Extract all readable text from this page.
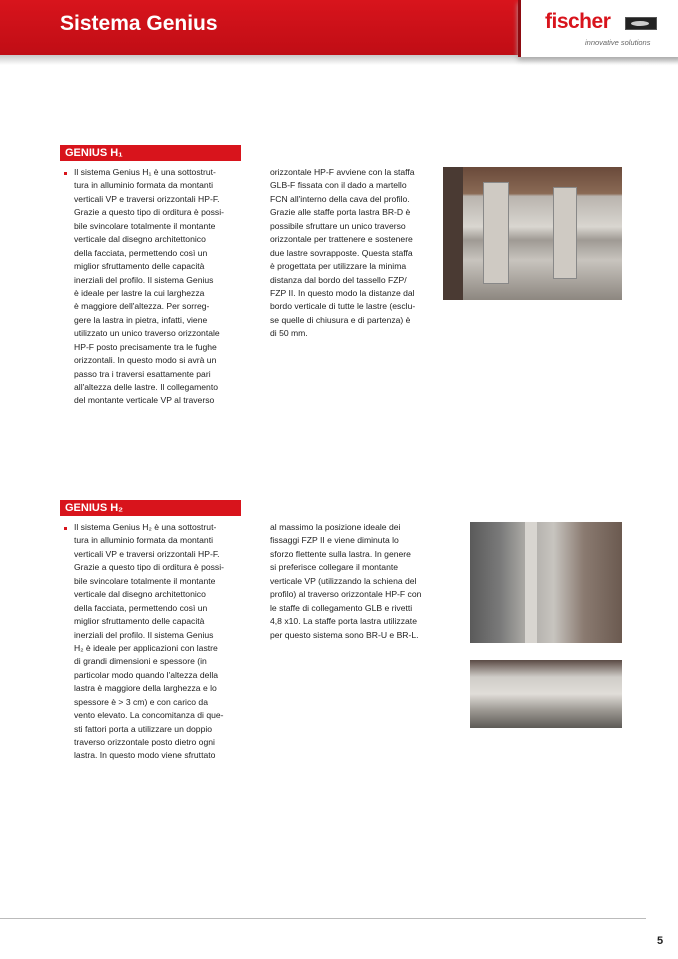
Sistema Genius	fischer
innovative solutions
GENIUS H₁
Il sistema Genius H₁ è una sottostrut-
tura in alluminio formata da montanti
verticali VP e traversi orizzontali HP-F.
Grazie a questo tipo di orditura è possi-
bile svincolare totalmente il montante
verticale dal disegno architettonico
della facciata, permettendo così un
miglior sfruttamento delle capacità
inerziali del profilo. Il sistema Genius
è ideale per lastre la cui larghezza
è maggiore dell'altezza. Per sorreg-
gere la lastra in pietra, infatti, viene
utilizzato un unico traverso orizzontale
HP-F posto precisamente tra le fughe
orizzontali. In questo modo si avrà un
passo tra i traversi esattamente pari
all'altezza delle lastre. Il collegamento
del montante verticale VP al traverso
orizzontale HP-F avviene con la staffa
GLB-F fissata con il dado a martello
FCN all'interno della cava del profilo.
Grazie alle staffe porta lastra BR-D è
possibile sfruttare un unico traverso
orizzontale per trattenere e sostenere
due lastre sovrapposte. Questa staffa
è progettata per utilizzare la minima
distanza dal bordo del tassello FZP/
FZP II. In questo modo la distanze dal
bordo verticale di tutte le lastre (esclu-
se quelle di chiusura e di partenza) è
di 50 mm.
GENIUS H₂
Il sistema Genius H₂ è una sottostrut-
tura in alluminio formata da montanti
verticali VP e traversi orizzontali HP-F.
Grazie a questo tipo di orditura è possi-
bile svincolare totalmente il montante
verticale dal disegno architettonico
della facciata, permettendo così un
miglior sfruttamento delle capacità
inerziali del profilo. Il sistema Genius
H₂ è ideale per applicazioni con lastre
di grandi dimensioni e spessore (in
particolar modo quando l'altezza della
lastra è maggiore della larghezza e lo
spessore è > 3 cm) e con carico da
vento elevato. La concomitanza di que-
sti fattori porta a utilizzare un doppio
traverso orizzontale posto dietro ogni
lastra. In questo modo viene sfruttato
al massimo la posizione ideale dei
fissaggi FZP II e viene diminuta lo
sforzo flettente sulla lastra. In genere
si preferisce collegare il montante
verticale VP (utilizzando la schiena del
profilo) al traverso orizzontale HP-F con
le staffe di collegamento GLB e rivetti
4,8 x10. La staffe porta lastra utilizzate
per questo sistema sono BR-U e BR-L.
5
